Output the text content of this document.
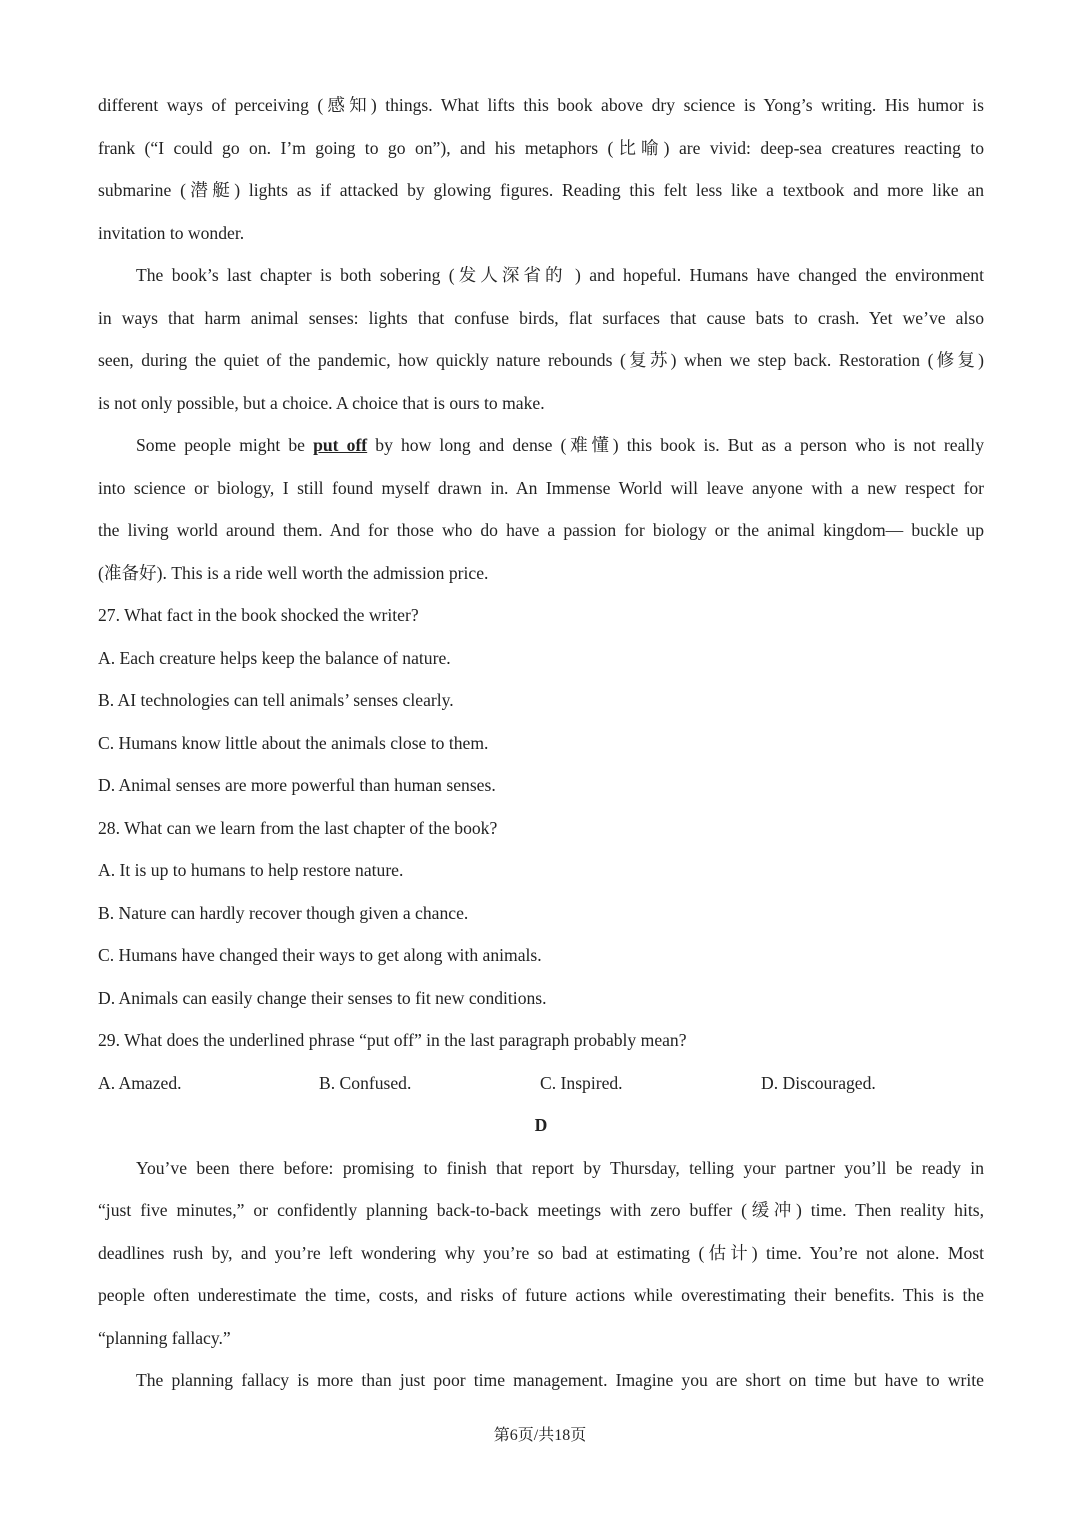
different ways of perceiving (感知) things. What lifts this book above dry science is Yong’s writing. His humor is
frank (“I could go on. I’m going to go on”), and his metaphors (比喻) are vivid: deep-sea creatures reacting to
submarine (潜艇) lights as if attacked by glowing figures. Reading this felt less like a textbook and more like an
invitation to wonder.
The book’s last chapter is both sobering (发人深省的 ) and hopeful. Humans have changed the environment
in ways that harm animal senses: lights that confuse birds, flat surfaces that cause bats to crash. Yet we’ve also
seen, during the quiet of the pandemic, how quickly nature rebounds (复苏) when we step back. Restoration (修复)
is not only possible, but a choice. A choice that is ours to make.
Some people might be put off by how long and dense (难懂) this book is. But as a person who is not really
into science or biology, I still found myself drawn in. An Immense World will leave anyone with a new respect for
the living world around them. And for those who do have a passion for biology or the animal kingdom— buckle up
(准备好). This is a ride well worth the admission price.
27. What fact in the book shocked the writer?
A. Each creature helps keep the balance of nature.
B. AI technologies can tell animals’ senses clearly.
C. Humans know little about the animals close to them.
D. Animal senses are more powerful than human senses.
28. What can we learn from the last chapter of the book?
A. It is up to humans to help restore nature.
B. Nature can hardly recover though given a chance.
C. Humans have changed their ways to get along with animals.
D. Animals can easily change their senses to fit new conditions.
29. What does the underlined phrase “put off” in the last paragraph probably mean?
A. Amazed.	B. Confused.	C. Inspired.	D. Discouraged.
D
You’ve been there before: promising to finish that report by Thursday, telling your partner you’ll be ready in
“just five minutes,” or confidently planning back-to-back meetings with zero buffer (缓冲) time. Then reality hits,
deadlines rush by, and you’re left wondering why you’re so bad at estimating (估计) time. You’re not alone. Most
people often underestimate the time, costs, and risks of future actions while overestimating their benefits. This is the
“planning fallacy.”
The planning fallacy is more than just poor time management. Imagine you are short on time but have to write
第6页/共18页
